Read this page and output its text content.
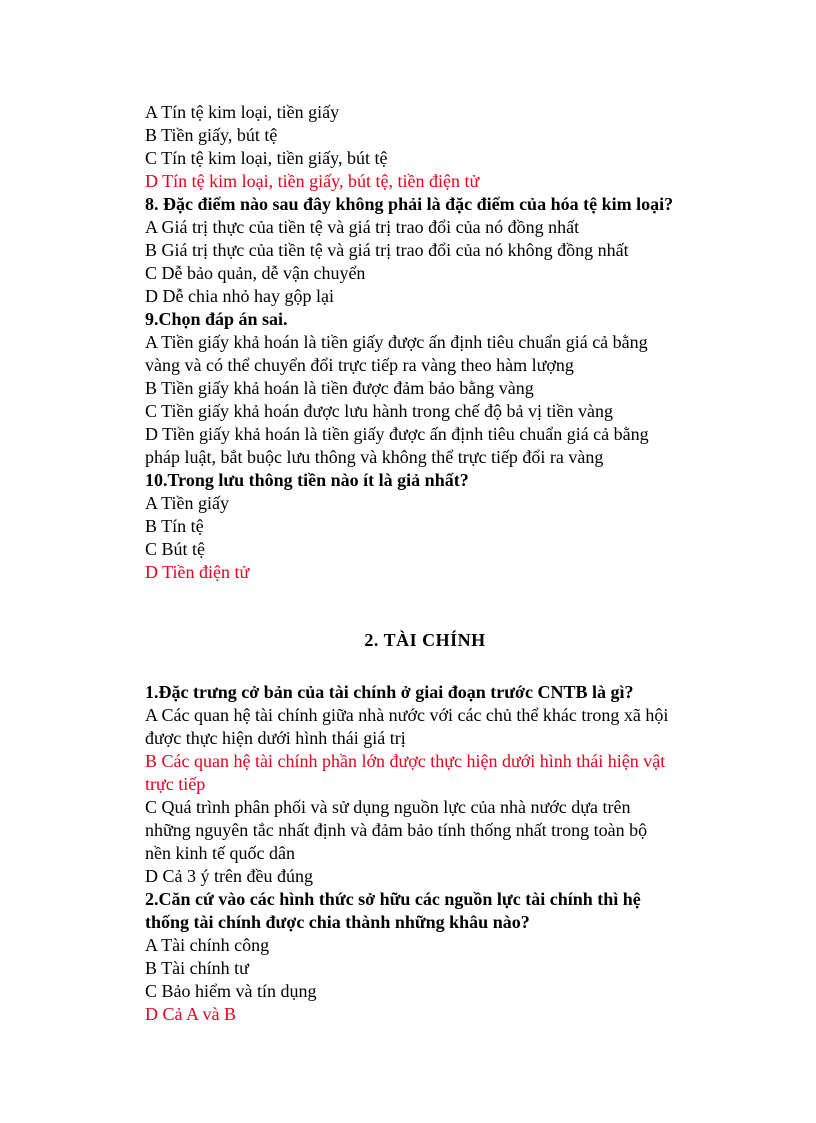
A Tín tệ kim loại, tiền giấy
B Tiền giấy, bút tệ
C Tín tệ kim loại, tiền giấy, bút tệ
D Tín tệ kim loại, tiền giấy, bút tệ, tiền điện tử
8. Đặc điểm nào sau đây không phải là đặc điểm của hóa tệ kim loại?
A Giá trị thực của tiền tệ và giá trị trao đổi của nó đồng nhất
B Giá trị thực của tiền tệ và giá trị trao đổi của nó không đồng nhất
C Dễ bảo quản, dễ vận chuyển
D Dễ chia nhỏ hay gộp lại
9.Chọn đáp án sai.
A Tiền giấy khả hoán là tiền giấy được ấn định tiêu chuẩn giá cả bằng
vàng và có thể chuyển đổi trực tiếp ra vàng theo hàm lượng
B Tiền giấy khả hoán là tiền được đảm bảo bằng vàng
C Tiền giấy khả hoán được lưu hành trong chế độ bả vị tiền vàng
D Tiền giấy khả hoán là tiền giấy được ấn định tiêu chuẩn giá cả bằng
pháp luật, bắt buộc lưu thông và không thể trực tiếp đổi ra vàng
10.Trong lưu thông tiền nào ít là giả nhất?
A Tiền giấy
B Tín tệ
C Bút tệ
D Tiền điện tử
2. TÀI CHÍNH
1.Đặc trưng cở bản của tài chính ở giai đoạn trước CNTB là gì?
A Các quan hệ tài chính giữa nhà nước với các chủ thể khác trong xã hội
được thực hiện dưới hình thái giá trị
B Các quan hệ tài chính phần lớn được thực hiện dưới hình thái hiện vật
trực tiếp
C Quá trình phân phối và sử dụng nguồn lực của nhà nước dựa trên
những nguyên tắc nhất định và đảm bảo tính thống nhất trong toàn bộ
nền kinh tế quốc dân
D Cả 3 ý trên đều đúng
2.Căn cứ vào các hình thức sở hữu các nguồn lực tài chính thì hệ
thống tài chính được chia thành những khâu nào?
A Tài chính công
B Tài chính tư
C Bảo hiểm và tín dụng
D Cả A và B
